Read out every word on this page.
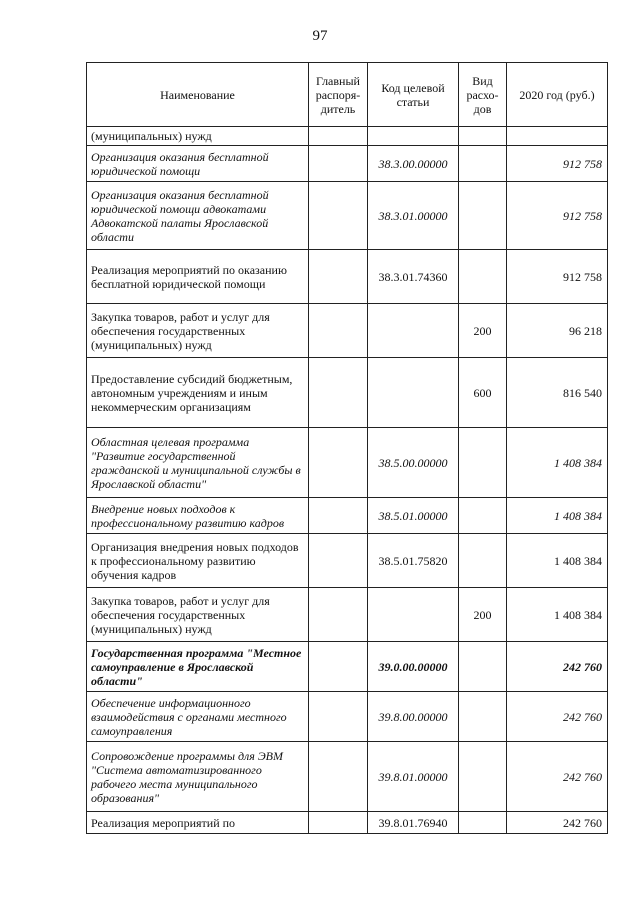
97
Наименование	Главный распоря-дитель	Код целевой статьи	Вид расхо-дов	2020 год (руб.)
(муниципальных) нужд				
Организация оказания бесплатной юридической помощи		38.3.00.00000		912 758
Организация оказания бесплатной юридической помощи адвокатами Адвокатской палаты Ярославской области		38.3.01.00000		912 758
Реализация мероприятий по оказанию бесплатной юридической помощи		38.3.01.74360		912 758
Закупка товаров, работ и услуг для обеспечения государственных (муниципальных) нужд			200	96 218
Предоставление субсидий бюджетным, автономным учреждениям и иным некоммерческим организациям			600	816 540
Областная целевая программа "Развитие государственной гражданской и муниципальной службы в Ярославской области"		38.5.00.00000		1 408 384
Внедрение новых подходов к профессиональному развитию кадров		38.5.01.00000		1 408 384
Организация внедрения новых подходов к профессиональному развитию обучения кадров		38.5.01.75820		1 408 384
Закупка товаров, работ и услуг для обеспечения государственных (муниципальных) нужд			200	1 408 384
Государственная программа "Местное самоуправление в Ярославской области"		39.0.00.00000		242 760
Обеспечение информационного взаимодействия с органами местного самоуправления		39.8.00.00000		242 760
Сопровождение программы для ЭВМ "Система автоматизированного рабочего места муниципального образования"		39.8.01.00000		242 760
Реализация мероприятий по		39.8.01.76940		242 760
